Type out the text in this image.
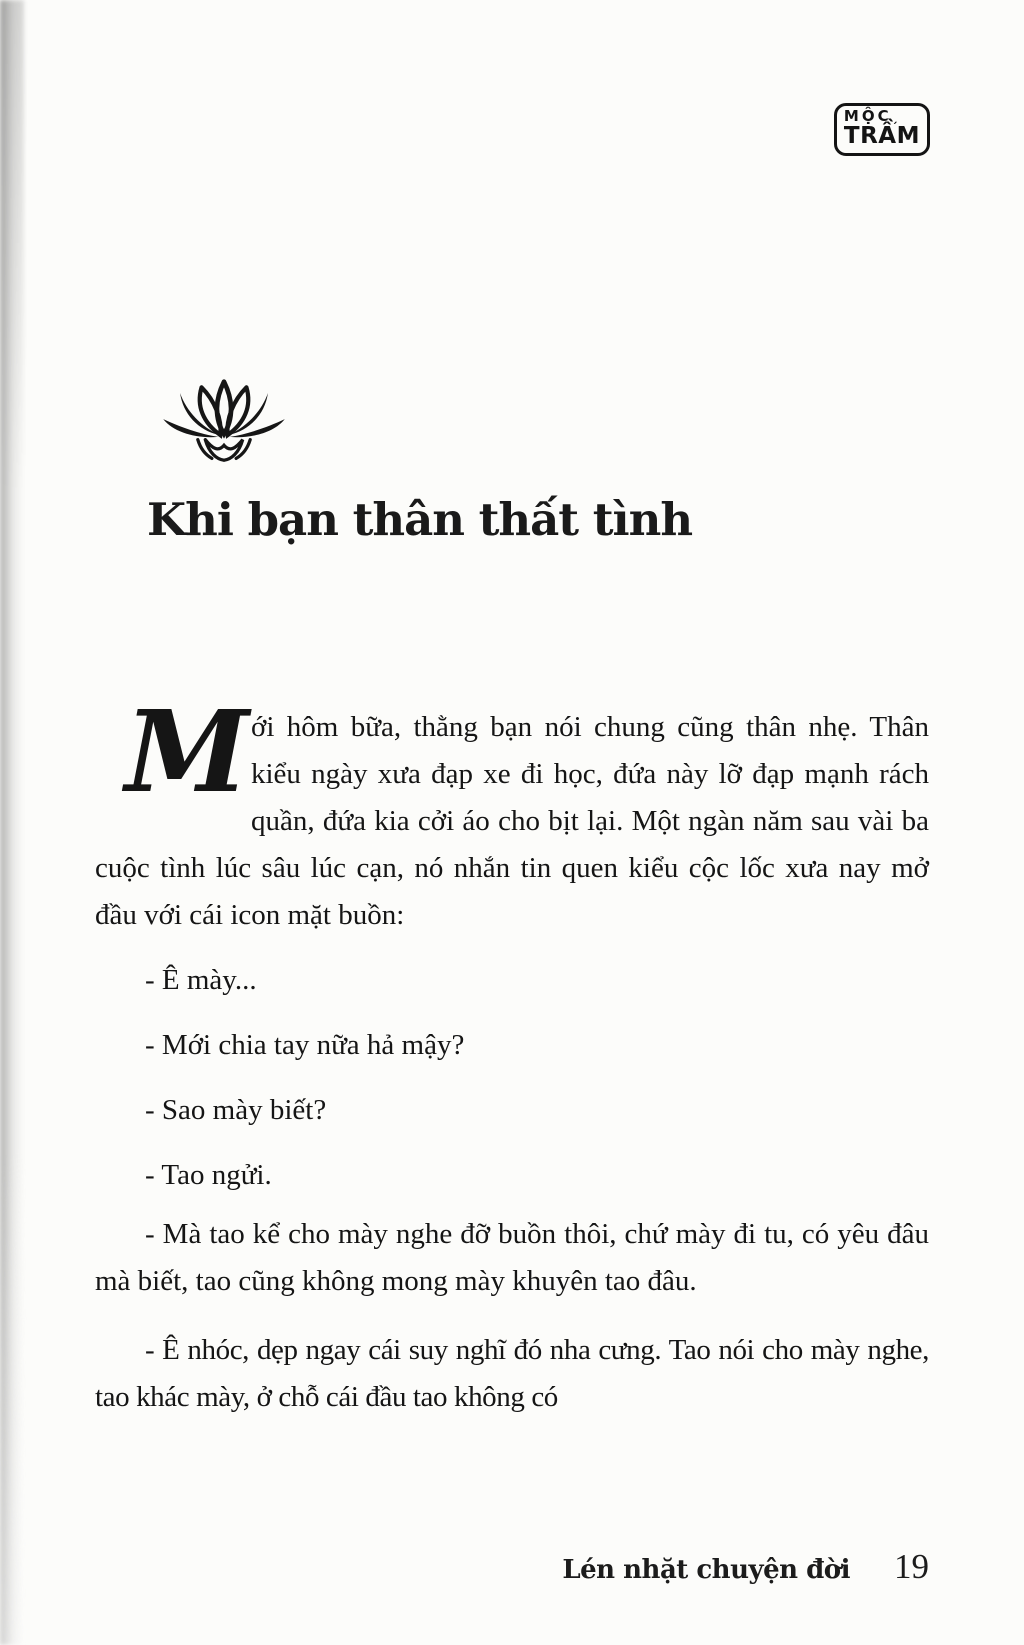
MỘC ˏ
TRẦM
Khi bạn thân thất tình

Mới hôm bữa, thằng bạn nói chung cũng thân nhẹ. Thân kiểu ngày xưa đạp xe đi học, đứa này lỡ đạp mạnh rách quần, đứa kia cởi áo cho bịt lại. Một ngàn năm sau vài ba cuộc tình lúc sâu lúc cạn, nó nhắn tin quen kiểu cộc lốc xưa nay mở đầu với cái icon mặt buồn:

- Ê mày...

- Mới chia tay nữa hả mậy?

- Sao mày biết?

- Tao ngửi.

- Mà tao kể cho mày nghe đỡ buồn thôi, chứ mày đi tu, có yêu đâu mà biết, tao cũng không mong mày khuyên tao đâu.

- Ê nhóc, dẹp ngay cái suy nghĩ đó nha cưng. Tao nói cho mày nghe, tao khác mày, ở chỗ cái đầu tao không có

Lén nhặt chuyện đời 19
